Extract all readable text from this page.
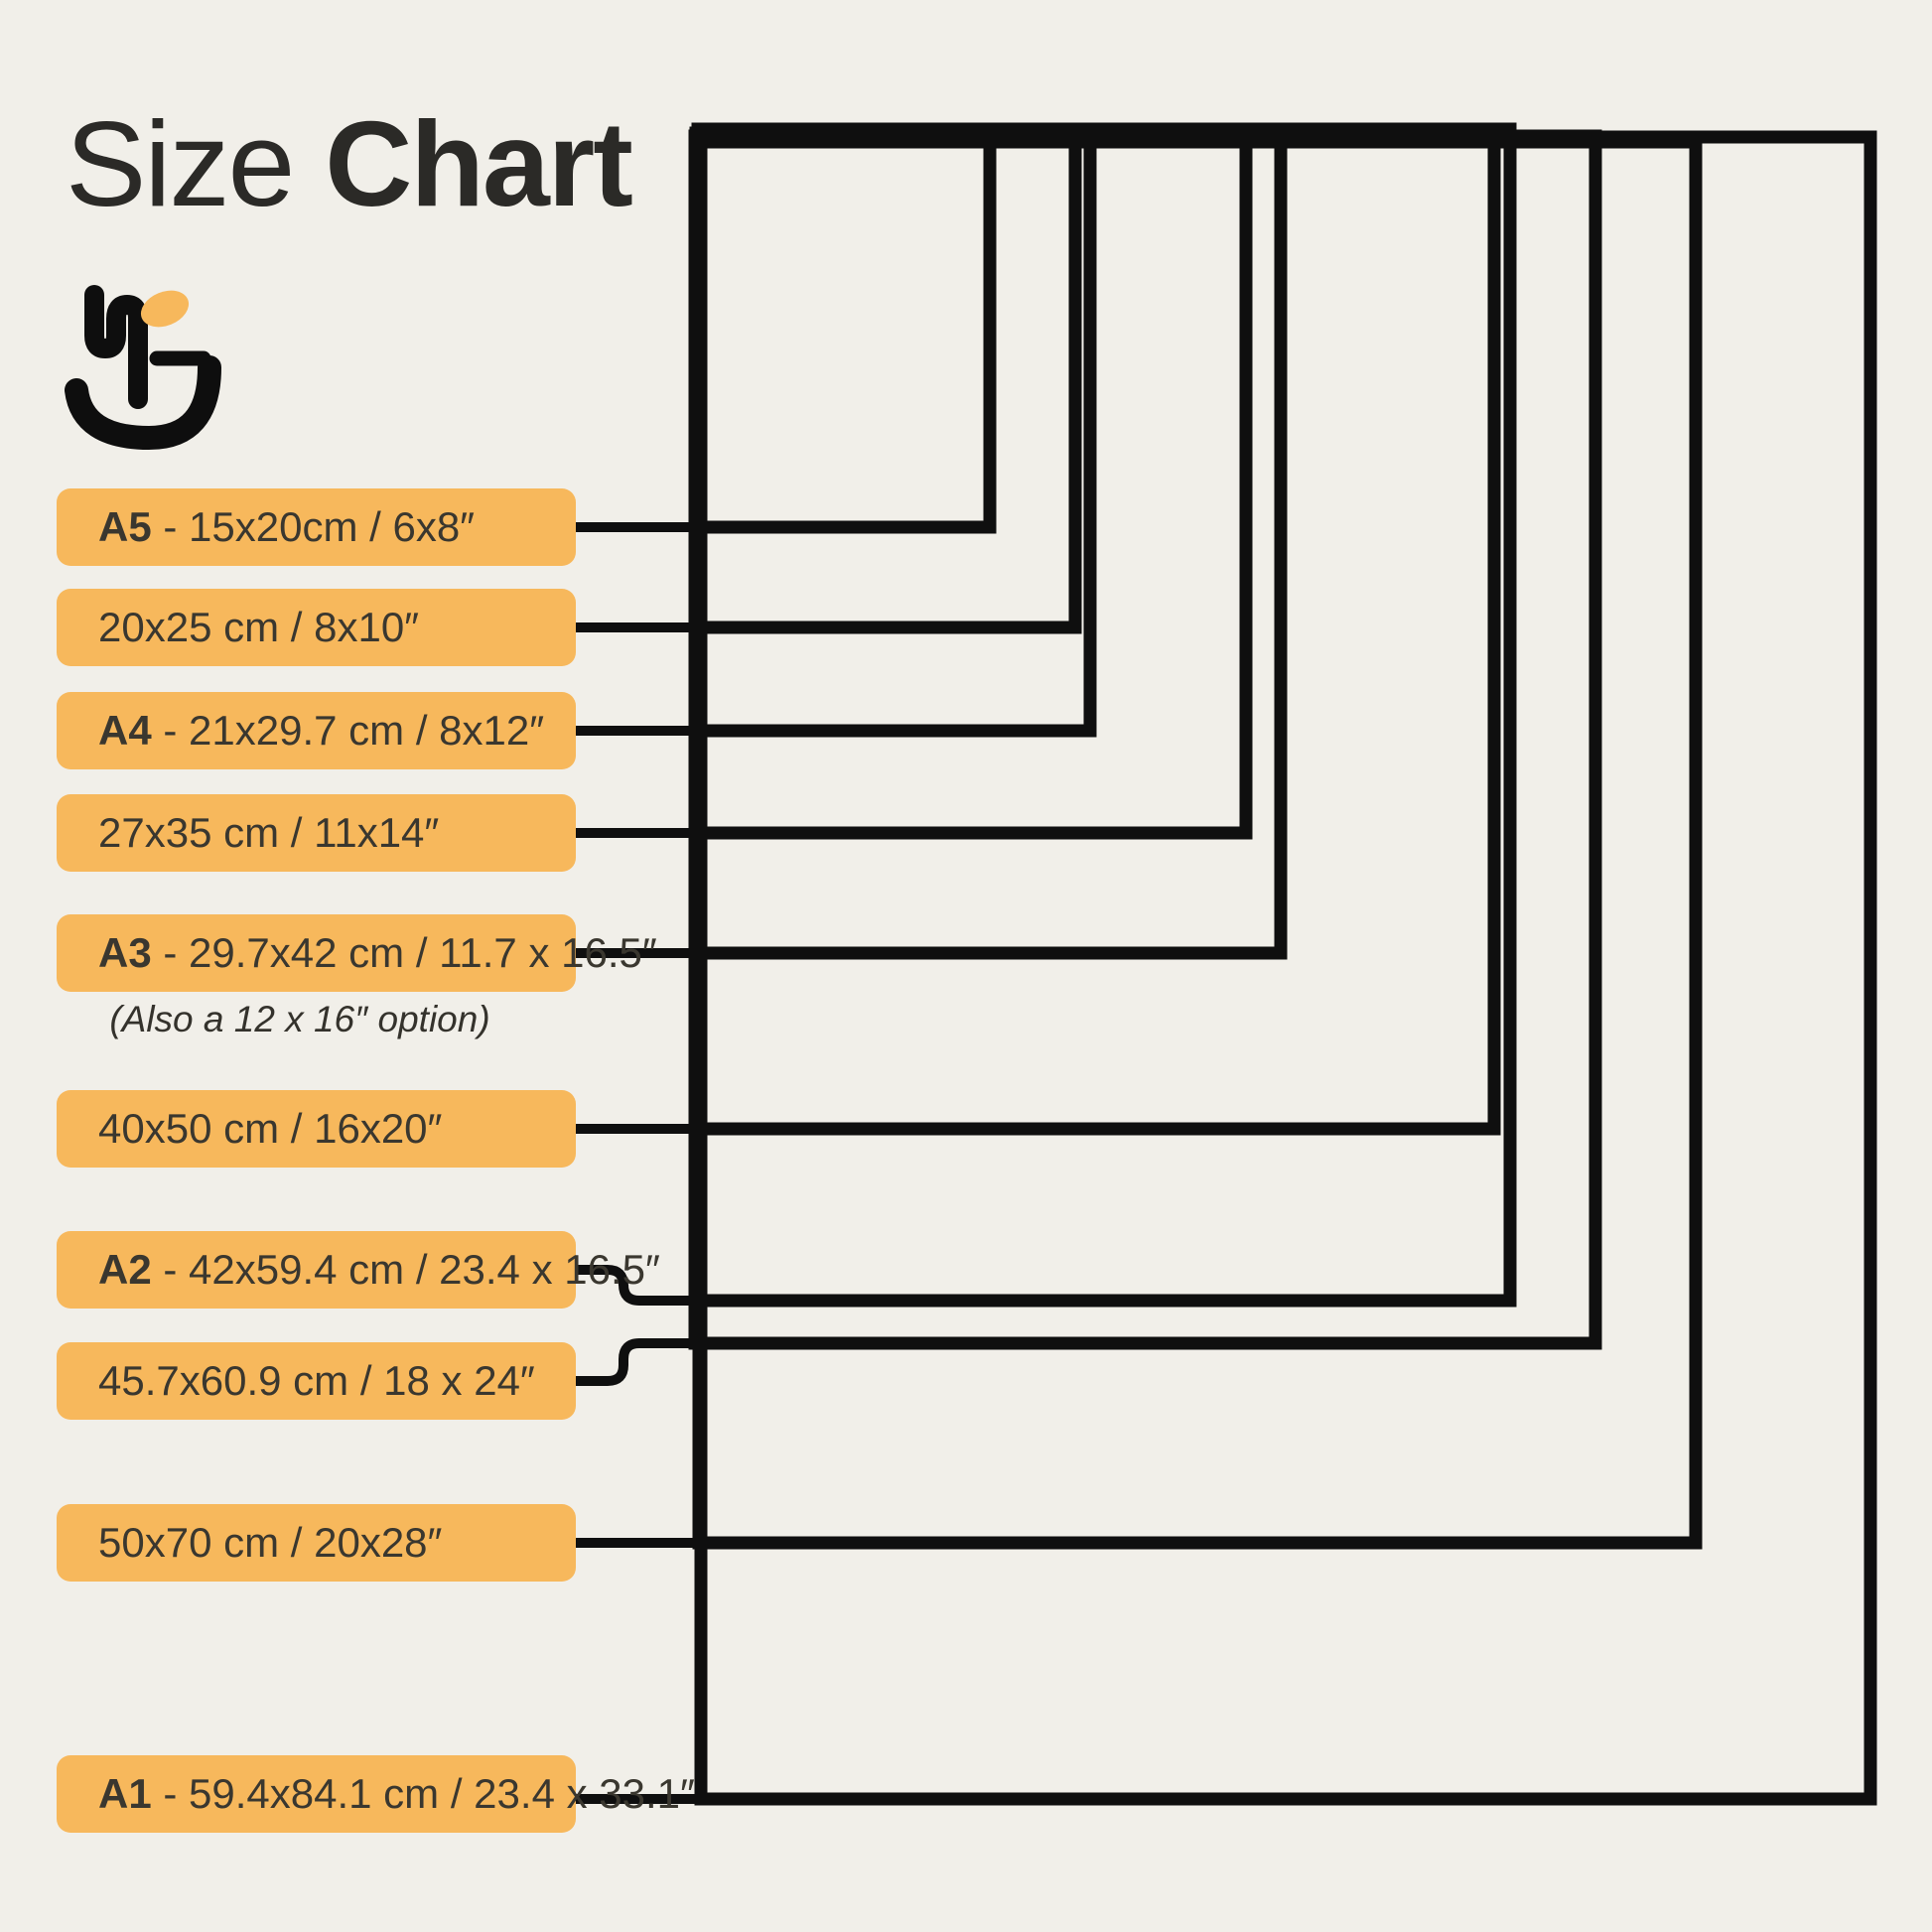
Size Chart
A5 - 15x20cm / 6x8″
20x25 cm / 8x10″
A4 - 21x29.7 cm / 8x12″
27x35 cm / 11x14″
A3 - 29.7x42 cm / 11.7 x 16.5″
40x50 cm / 16x20″
A2 - 42x59.4 cm / 23.4 x 16.5″
45.7x60.9 cm / 18 x 24″
50x70 cm / 20x28″
A1 - 59.4x84.1 cm / 23.4 x 33.1″
(Also a 12 x 16″ option)
